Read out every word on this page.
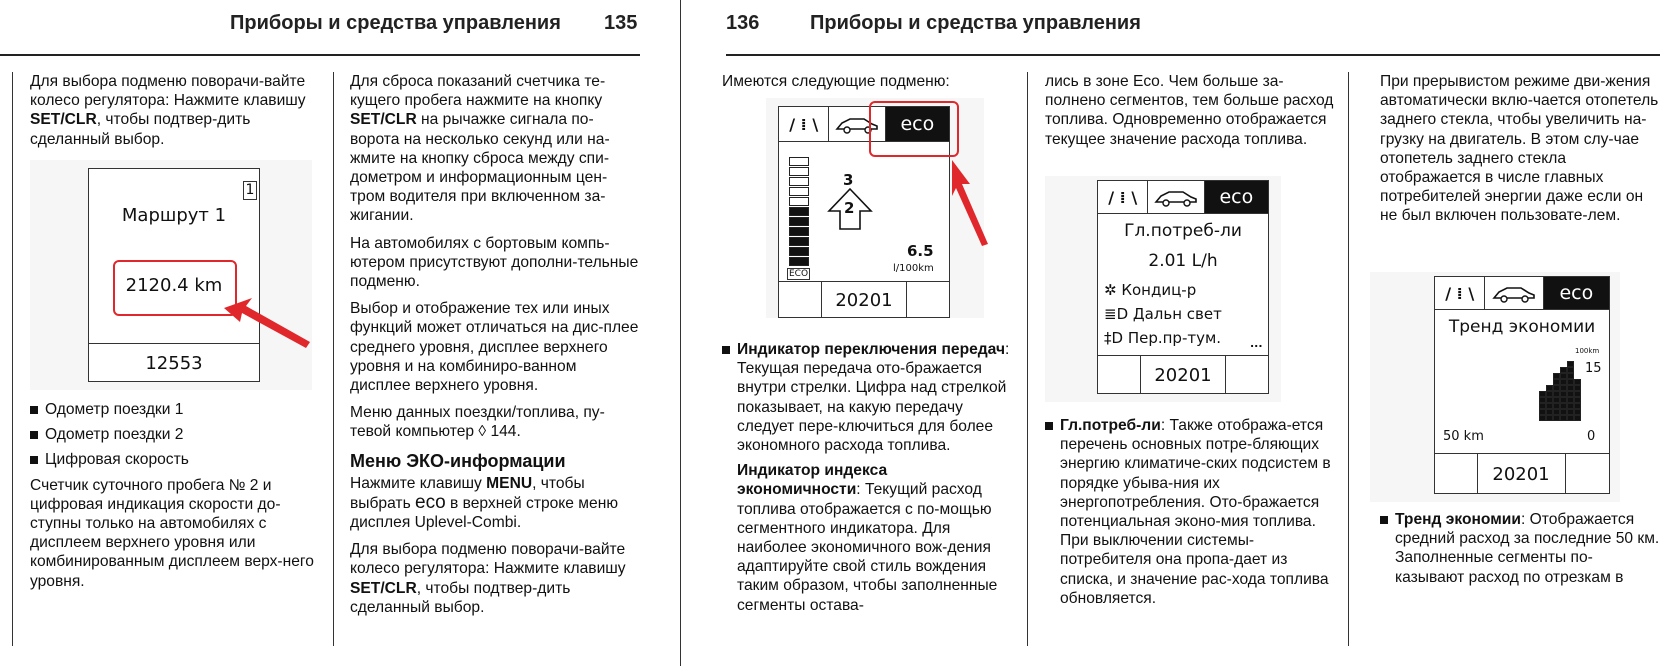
Приборы и средства управления 135	136	Приборы и средства управления

Для выбора подменю поворачи-вайте колесо регулятора: Нажмите клавишу SET/CLR, чтобы подтвер-дить сделанный выбор.

Маршрут 1
1
2120.4 km
12553
Одометр поездки 1
Одометр поездки 2
Цифровая скорость

Счетчик суточного пробега № 2 и цифровая индикация скорости до-ступны только на автомобилях с дисплеем верхнего уровня или комбинированным дисплеем верх-него уровня.

Для сброса показаний счетчика те-кущего пробега нажмите на кнопку SET/CLR на рычажке сигнала по-ворота на несколько секунд или на-жмите на кнопку сброса между спи-дометром и информационным цен-тром водителя при включенном за-жигании.

На автомобилях с бортовым компь-ютером присутствуют дополни-тельные подменю.

Выбор и отображение тех или иных функций может отличаться на дис-плее среднего уровня, дисплее верхнего уровня и на комбиниро-ванном дисплее верхнего уровня.

Меню данных поездки/топлива, пу-тевой компьютер ◊ 144.

Меню ЭКО-информации

Нажмите клавишу MENU, чтобы выбрать eco в верхней строке меню дисплея Uplevel-Combi.

Для выбора подменю поворачи-вайте колесо регулятора: Нажмите клавишу SET/CLR, чтобы подтвер-дить сделанный выбор.

Имеются следующие подменю:

/ ⁞ \	eco
ECO
3
2
6.5
l/100km
20201
Индикатор переключения передач: Текущая передача ото-бражается внутри стрелки. Цифра над стрелкой показывает, на какую передачу следует пере-ключиться для более экономного расхода топлива.

Индикатор индекса экономичности: Текущий расход топлива отображается с по-мощью сегментного индикатора. Для наиболее экономичного вож-дения адаптируйте свой стиль вождения таким образом, чтобы заполненные сегменты остава-

лись в зоне Eco. Чем больше за-полнено сегментов, тем больше расход топлива. Одновременно отображается текущее значение расхода топлива.

/ ⁞ \	eco
Гл.потреб-ли
2.01 L/h
✲ Кондиц-р
≣D Дальн свет
‡D Пер.пр-тум.	...
20201
Гл.потреб-ли: Также отобража-ется перечень основных потре-бляющих энергию климатиче-ских подсистем в порядке убыва-ния их энергопотребления. Ото-бражается потенциальная эконо-мия топлива. При выключении системы-потребителя она пропа-дает из списка, и значение рас-хода топлива обновляется.

При прерывистом режиме дви-жения автоматически вклю-чается отопетель заднего стекла, чтобы увеличить на-грузку на двигатель. В этом слу-чае отопетель заднего стекла отображается в числе главных потребителей энергии даже если он не был включен пользовате-лем.

/ ⁞ \	eco
Тренд экономии
100km
15
50 km	0
20201
Тренд экономии: Отображается средний расход за последние 50 км. Заполненные сегменты по-казывают расход по отрезкам в
